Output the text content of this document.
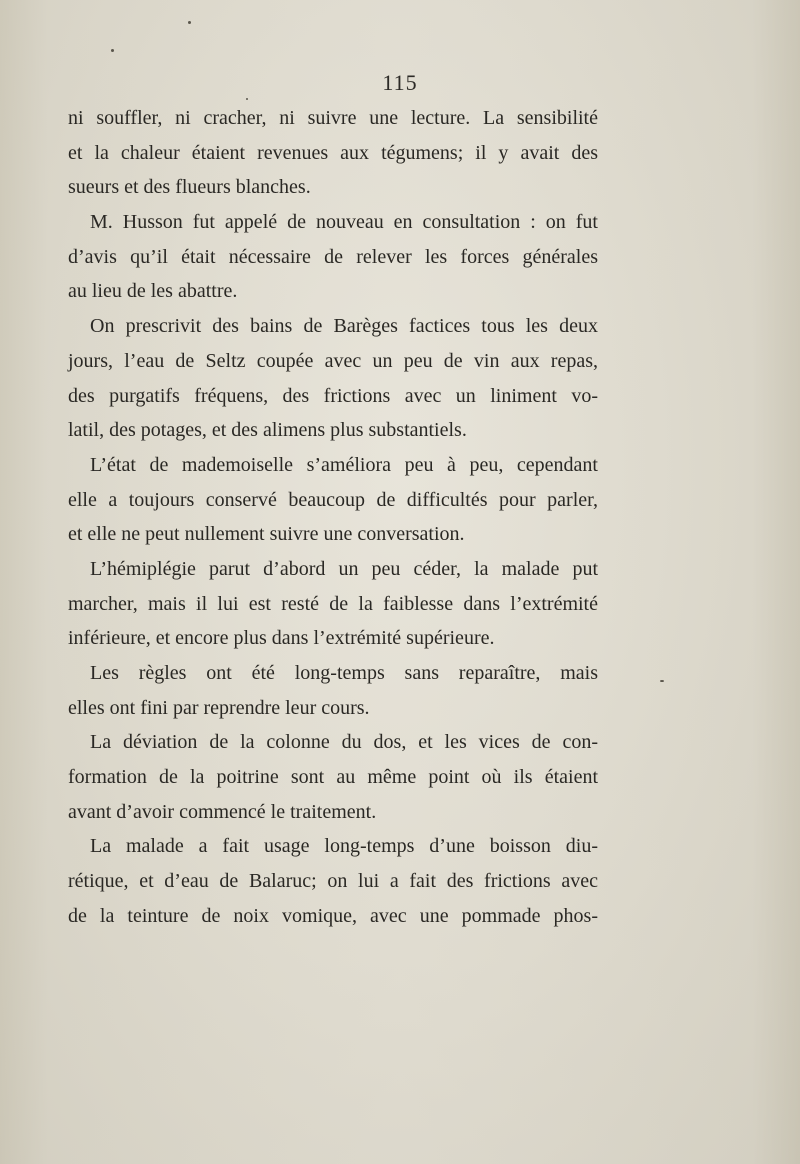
115
ni souffler, ni cracher, ni suivre une lecture. La sensibilité
et la chaleur étaient revenues aux tégumens; il y avait des
sueurs et des flueurs blanches.
M. Husson fut appelé de nouveau en consultation : on fut
d’avis qu’il était nécessaire de relever les forces générales
au lieu de les abattre.
On prescrivit des bains de Barèges factices tous les deux
jours, l’eau de Seltz coupée avec un peu de vin aux repas,
des purgatifs fréquens, des frictions avec un liniment vo-
latil, des potages, et des alimens plus substantiels.
L’état de mademoiselle s’améliora peu à peu, cependant
elle a toujours conservé beaucoup de difficultés pour parler,
et elle ne peut nullement suivre une conversation.
L’hémiplégie parut d’abord un peu céder, la malade put
marcher, mais il lui est resté de la faiblesse dans l’extrémité
inférieure, et encore plus dans l’extrémité supérieure.
Les règles ont été long-temps sans reparaître, mais
elles ont fini par reprendre leur cours.
La déviation de la colonne du dos, et les vices de con-
formation de la poitrine sont au même point où ils étaient
avant d’avoir commencé le traitement.
La malade a fait usage long-temps d’une boisson diu-
rétique, et d’eau de Balaruc; on lui a fait des frictions avec
de la teinture de noix vomique, avec une pommade phos-
